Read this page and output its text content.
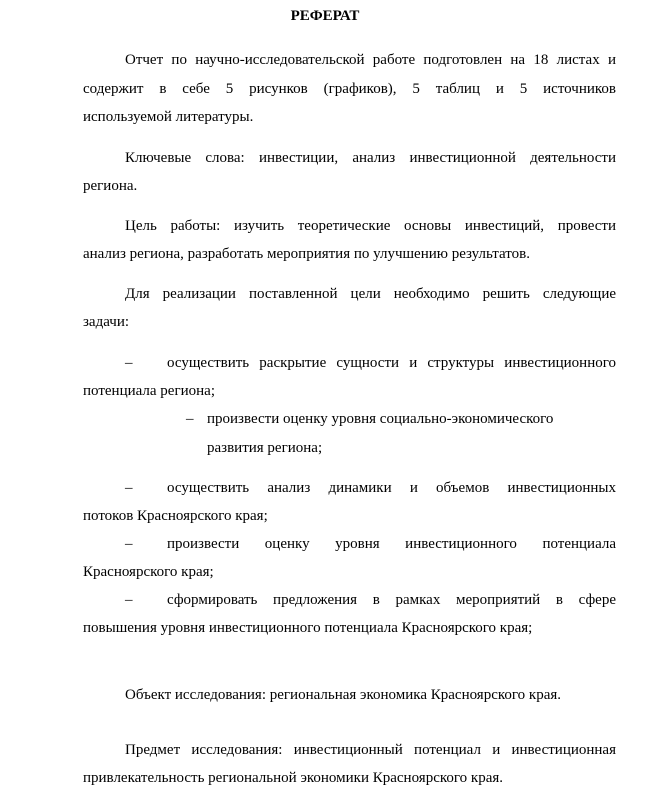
РЕФЕРАТ
Отчет по научно-исследовательской работе подготовлен на 18 листах и
содержит в себе 5 рисунков (графиков), 5 таблиц и 5 источников
используемой литературы.
Ключевые слова: инвестиции, анализ инвестиционной деятельности
региона.
Цель работы: изучить теоретические основы инвестиций, провести
анализ региона, разработать мероприятия по улучшению результатов.
Для реализации поставленной цели необходимо решить следующие
задачи:
– осуществить раскрытие сущности и структуры инвестиционного
потенциала региона;
– произвести оценку уровня социально-экономического
развития региона;
– осуществить анализ динамики и объемов инвестиционных
потоков Красноярского края;
– произвести оценку уровня инвестиционного потенциала
Красноярского края;
– сформировать предложения в рамках мероприятий в сфере
повышения уровня инвестиционного потенциала Красноярского края;
Объект исследования: региональная экономика Красноярского края.
Предмет исследования: инвестиционный потенциал и инвестиционная
привлекательность региональной экономики Красноярского края.
